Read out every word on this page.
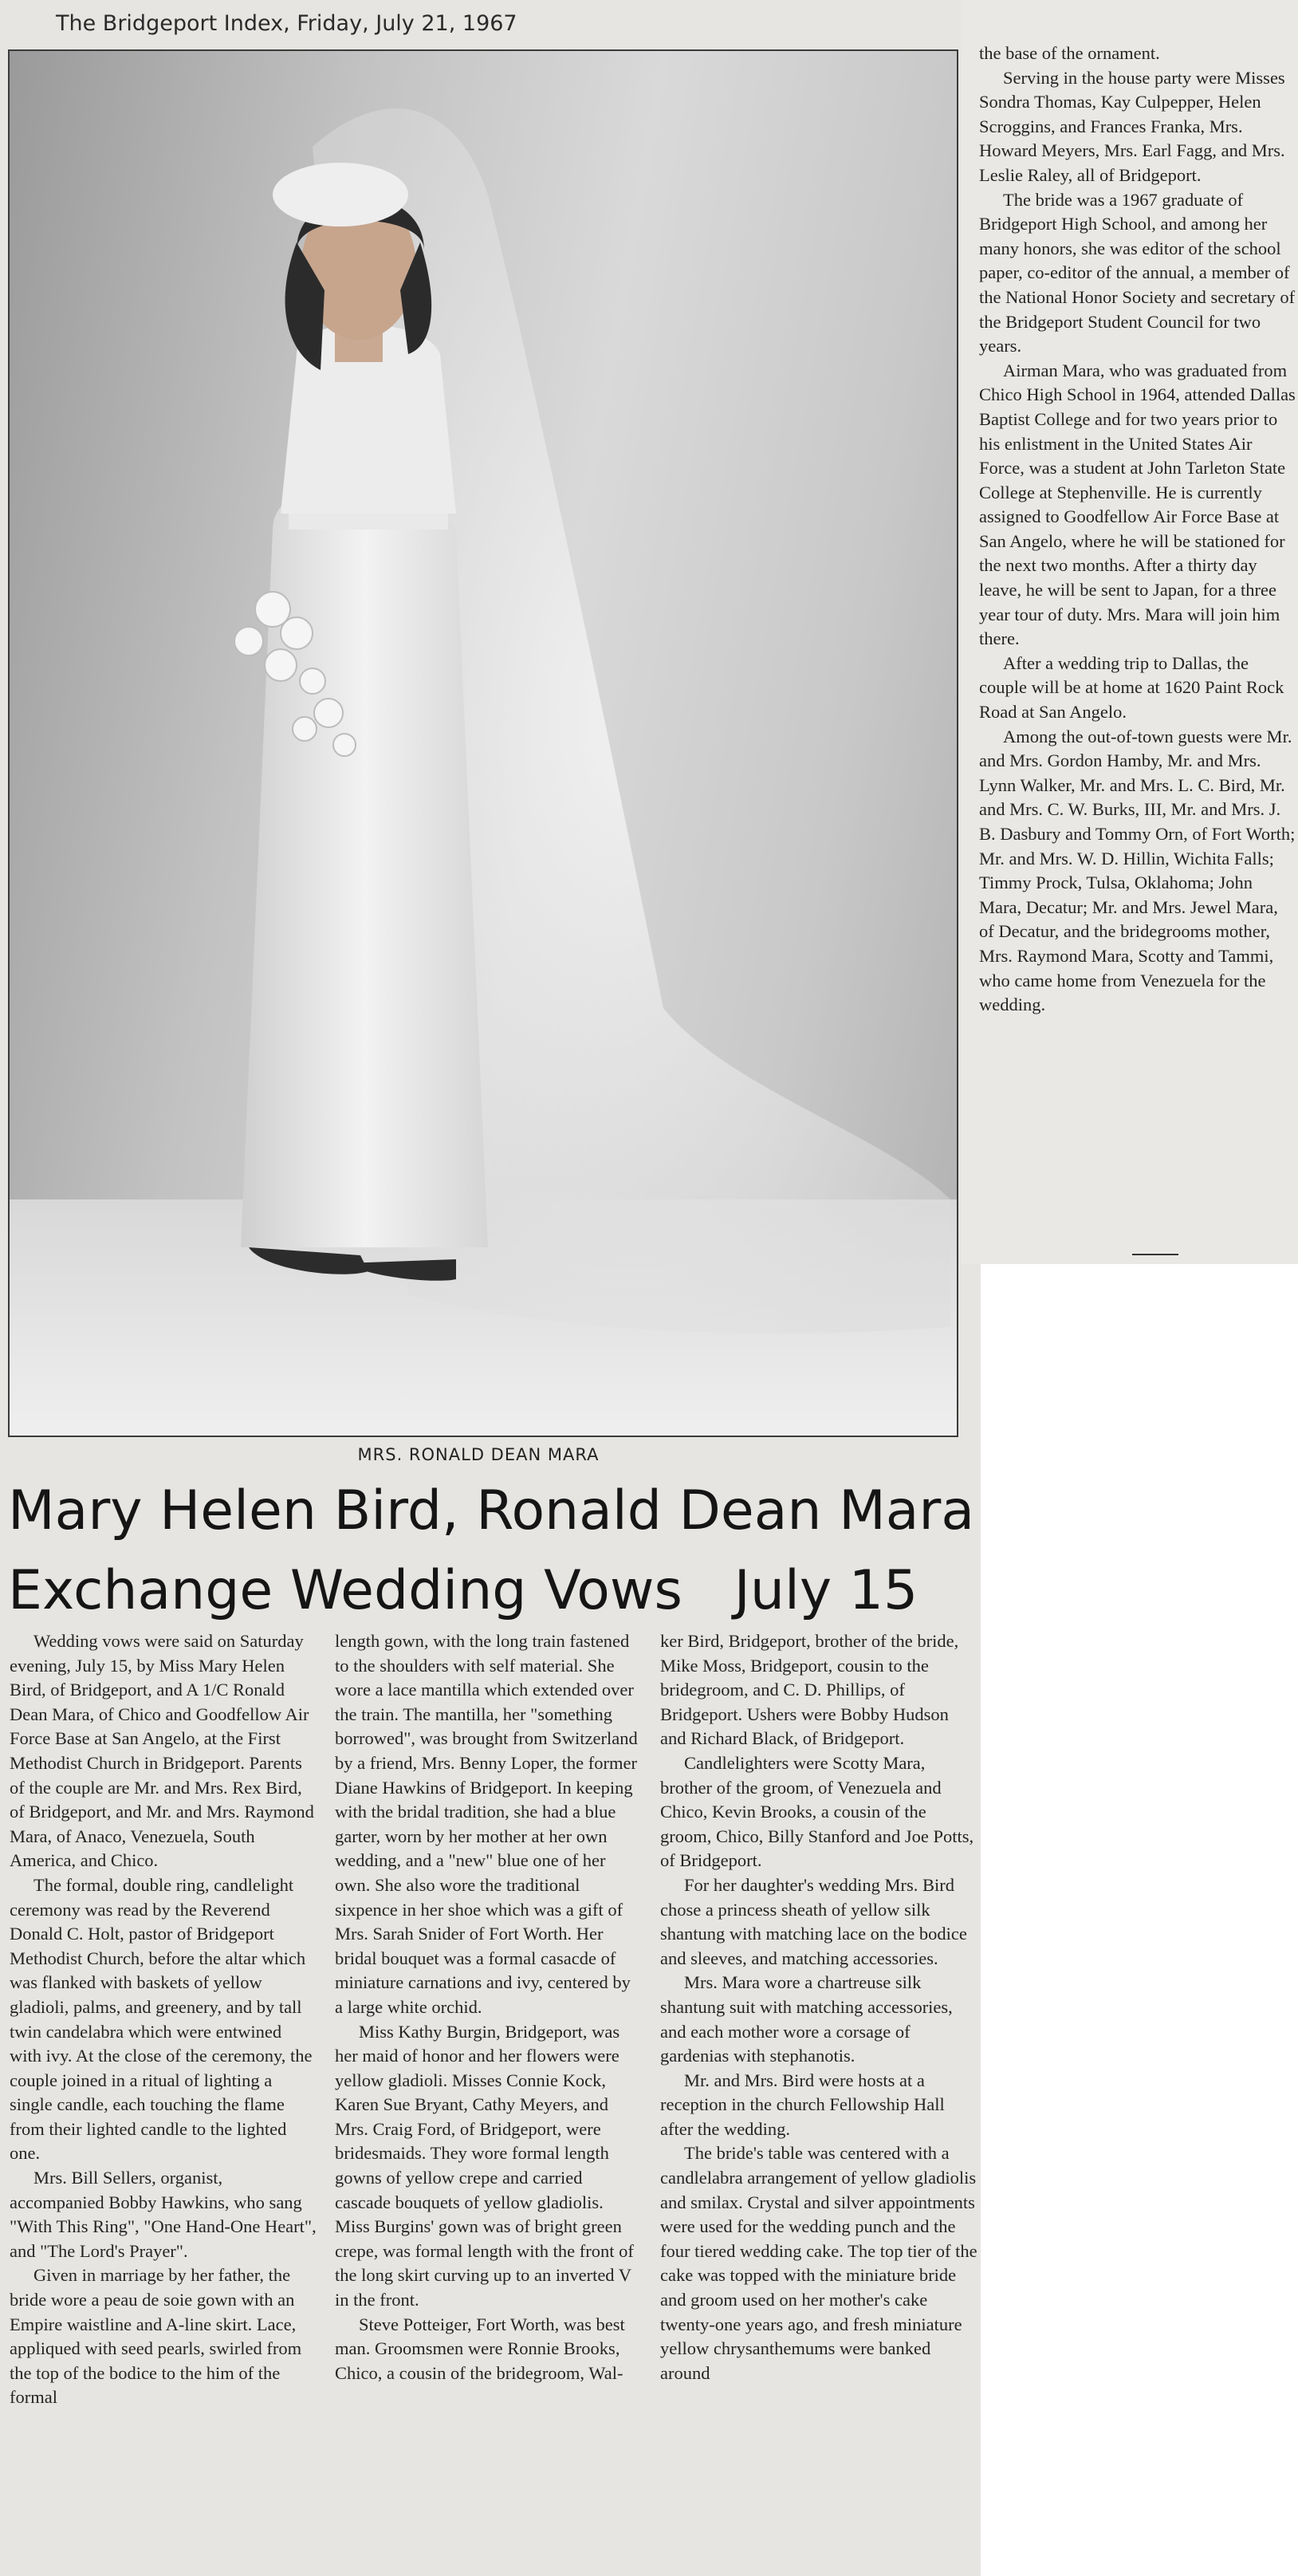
The Bridgeport Index, Friday, July 21, 1967
MRS. RONALD DEAN MARA
Mary Helen Bird, Ronald Dean Mara
Exchange Wedding Vows   July 15

Wedding vows were said on Saturday evening, July 15, by Miss Mary Helen Bird, of Bridgeport, and A 1/C Ronald Dean Mara, of Chico and Goodfellow Air Force Base at San Angelo, at the First Methodist Church in Bridgeport. Parents of the couple are Mr. and Mrs. Rex Bird, of Bridgeport, and Mr. and Mrs. Raymond Mara, of Anaco, Venezuela, South America, and Chico.

The formal, double ring, candlelight ceremony was read by the Reverend Donald C. Holt, pastor of Bridgeport Methodist Church, before the altar which was flanked with baskets of yellow gladioli, palms, and greenery, and by tall twin candelabra which were entwined with ivy. At the close of the ceremony, the couple joined in a ritual of lighting a single candle, each touching the flame from their lighted candle to the lighted one.

Mrs. Bill Sellers, organist, accompanied Bobby Hawkins, who sang "With This Ring", "One Hand-One Heart", and "The Lord's Prayer".

Given in marriage by her father, the bride wore a peau de soie gown with an Empire waistline and A-line skirt. Lace, appliqued with seed pearls, swirled from the top of the bodice to the him of the formal

length gown, with the long train fastened to the shoulders with self material. She wore a lace mantilla which extended over the train. The mantilla, her "something borrowed", was brought from Switzerland by a friend, Mrs. Benny Loper, the former Diane Hawkins of Bridgeport. In keeping with the bridal tradition, she had a blue garter, worn by her mother at her own wedding, and a "new" blue one of her own. She also wore the traditional sixpence in her shoe which was a gift of Mrs. Sarah Snider of Fort Worth. Her bridal bouquet was a formal casacde of miniature carnations and ivy, centered by a large white orchid.

Miss Kathy Burgin, Bridgeport, was her maid of honor and her flowers were yellow gladioli. Misses Connie Kock, Karen Sue Bryant, Cathy Meyers, and Mrs. Craig Ford, of Bridgeport, were bridesmaids. They wore formal length gowns of yellow crepe and carried cascade bouquets of yellow gladiolis. Miss Burgins' gown was of bright green crepe, was formal length with the front of the long skirt curving up to an inverted V in the front.

Steve Potteiger, Fort Worth, was best man. Groomsmen were Ronnie Brooks, Chico, a cousin of the bridegroom, Wal-

ker Bird, Bridgeport, brother of the bride, Mike Moss, Bridgeport, cousin to the bridegroom, and C. D. Phillips, of Bridgeport. Ushers were Bobby Hudson and Richard Black, of Bridgeport.

Candlelighters were Scotty Mara, brother of the groom, of Venezuela and Chico, Kevin Brooks, a cousin of the groom, Chico, Billy Stanford and Joe Potts, of Bridgeport.

For her daughter's wedding Mrs. Bird chose a princess sheath of yellow silk shantung with matching lace on the bodice and sleeves, and matching accessories.

Mrs. Mara wore a chartreuse silk shantung suit with matching accessories, and each mother wore a corsage of gardenias with stephanotis.

Mr. and Mrs. Bird were hosts at a reception in the church Fellowship Hall after the wedding.

The bride's table was centered with a candlelabra arrangement of yellow gladiolis and smilax. Crystal and silver appointments were used for the wedding punch and the four tiered wedding cake. The top tier of the cake was topped with the miniature bride and groom used on her mother's cake twenty-one years ago, and fresh miniature yellow chrysanthemums were banked around

the base of the ornament.

Serving in the house party were Misses Sondra Thomas, Kay Culpepper, Helen Scroggins, and Frances Franka, Mrs. Howard Meyers, Mrs. Earl Fagg, and Mrs. Leslie Raley, all of Bridgeport.

The bride was a 1967 graduate of Bridgeport High School, and among her many honors, she was editor of the school paper, co-editor of the annual, a member of the National Honor Society and secretary of the Bridgeport Student Council for two years.

Airman Mara, who was graduated from Chico High School in 1964, attended Dallas Baptist College and for two years prior to his enlistment in the United States Air Force, was a student at John Tarleton State College at Stephenville. He is currently assigned to Goodfellow Air Force Base at San Angelo, where he will be stationed for the next two months. After a thirty day leave, he will be sent to Japan, for a three year tour of duty. Mrs. Mara will join him there.

After a wedding trip to Dallas, the couple will be at home at 1620 Paint Rock Road at San Angelo.

Among the out-of-town guests were Mr. and Mrs. Gordon Hamby, Mr. and Mrs. Lynn Walker, Mr. and Mrs. L. C. Bird, Mr. and Mrs. C. W. Burks, III, Mr. and Mrs. J. B. Dasbury and Tommy Orn, of Fort Worth; Mr. and Mrs. W. D. Hillin, Wichita Falls; Timmy Prock, Tulsa, Oklahoma; John Mara, Decatur; Mr. and Mrs. Jewel Mara, of Decatur, and the bridegrooms mother, Mrs. Raymond Mara, Scotty and Tammi, who came home from Venezuela for the wedding.
